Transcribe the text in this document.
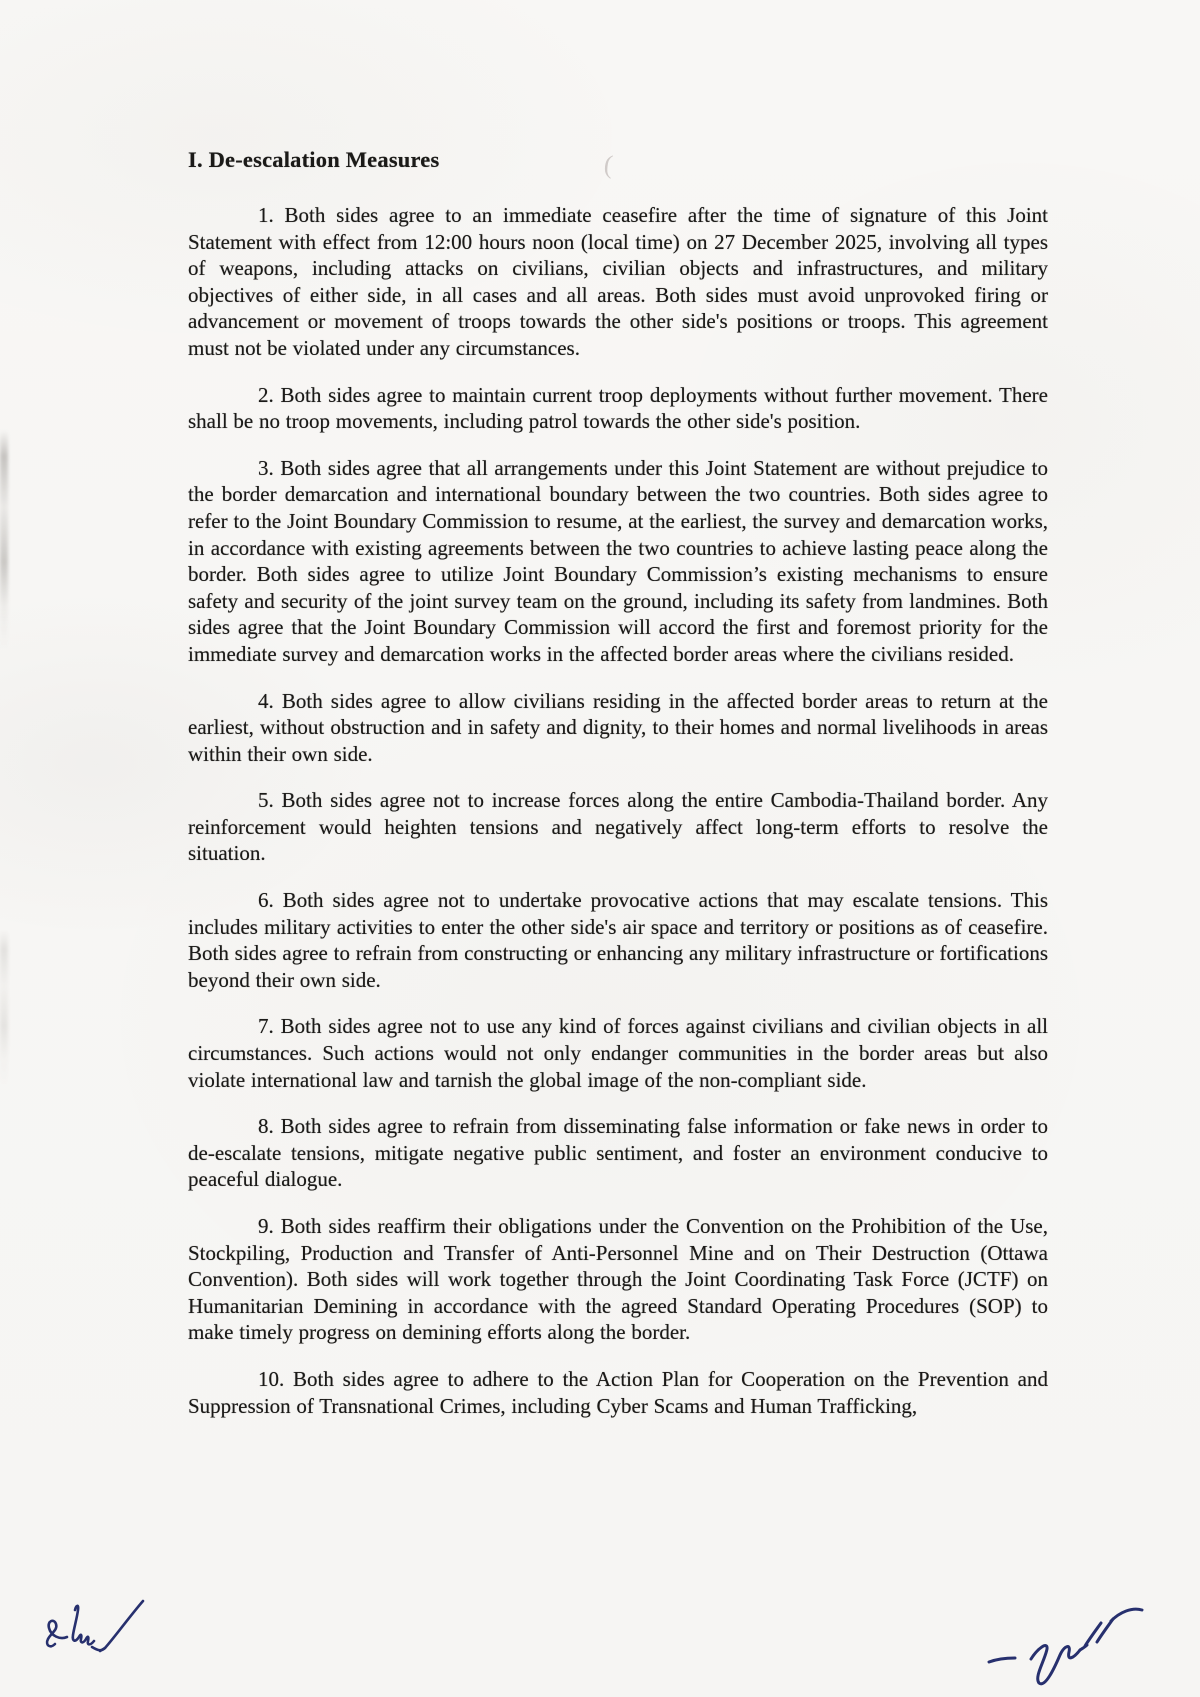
(
I. De-escalation Measures

1. Both sides agree to an immediate ceasefire after the time of signature of this Joint Statement with effect from 12:00 hours noon (local time) on 27 December 2025, involving all types of weapons, including attacks on civilians, civilian objects and infrastructures, and military objectives of either side, in all cases and all areas. Both sides must avoid unprovoked firing or advancement or movement of troops towards the other side's positions or troops. This agreement must not be violated under any circumstances.

2. Both sides agree to maintain current troop deployments without further movement. There shall be no troop movements, including patrol towards the other side's position.

3. Both sides agree that all arrangements under this Joint Statement are without prejudice to the border demarcation and international boundary between the two countries. Both sides agree to refer to the Joint Boundary Commission to resume, at the earliest, the survey and demarcation works, in accordance with existing agreements between the two countries to achieve lasting peace along the border. Both sides agree to utilize Joint Boundary Commission’s existing mechanisms to ensure safety and security of the joint survey team on the ground, including its safety from landmines. Both sides agree that the Joint Boundary Commission will accord the first and foremost priority for the immediate survey and demarcation works in the affected border areas where the civilians resided.

4. Both sides agree to allow civilians residing in the affected border areas to return at the earliest, without obstruction and in safety and dignity, to their homes and normal livelihoods in areas within their own side.

5. Both sides agree not to increase forces along the entire Cambodia-Thailand border. Any reinforcement would heighten tensions and negatively affect long-term efforts to resolve the situation.

6. Both sides agree not to undertake provocative actions that may escalate tensions. This includes military activities to enter the other side's air space and territory or positions as of ceasefire. Both sides agree to refrain from constructing or enhancing any military infrastructure or fortifications beyond their own side.

7. Both sides agree not to use any kind of forces against civilians and civilian objects in all circumstances. Such actions would not only endanger communities in the border areas but also violate international law and tarnish the global image of the non-compliant side.

8. Both sides agree to refrain from disseminating false information or fake news in order to de-escalate tensions, mitigate negative public sentiment, and foster an environment conducive to peaceful dialogue.

9. Both sides reaffirm their obligations under the Convention on the Prohibition of the Use, Stockpiling, Production and Transfer of Anti-Personnel Mine and on Their Destruction (Ottawa Convention). Both sides will work together through the Joint Coordinating Task Force (JCTF) on Humanitarian Demining in accordance with the agreed Standard Operating Procedures (SOP) to make timely progress on demining efforts along the border.

10. Both sides agree to adhere to the Action Plan for Cooperation on the Prevention and Suppression of Transnational Crimes, including Cyber Scams and Human Trafficking,
